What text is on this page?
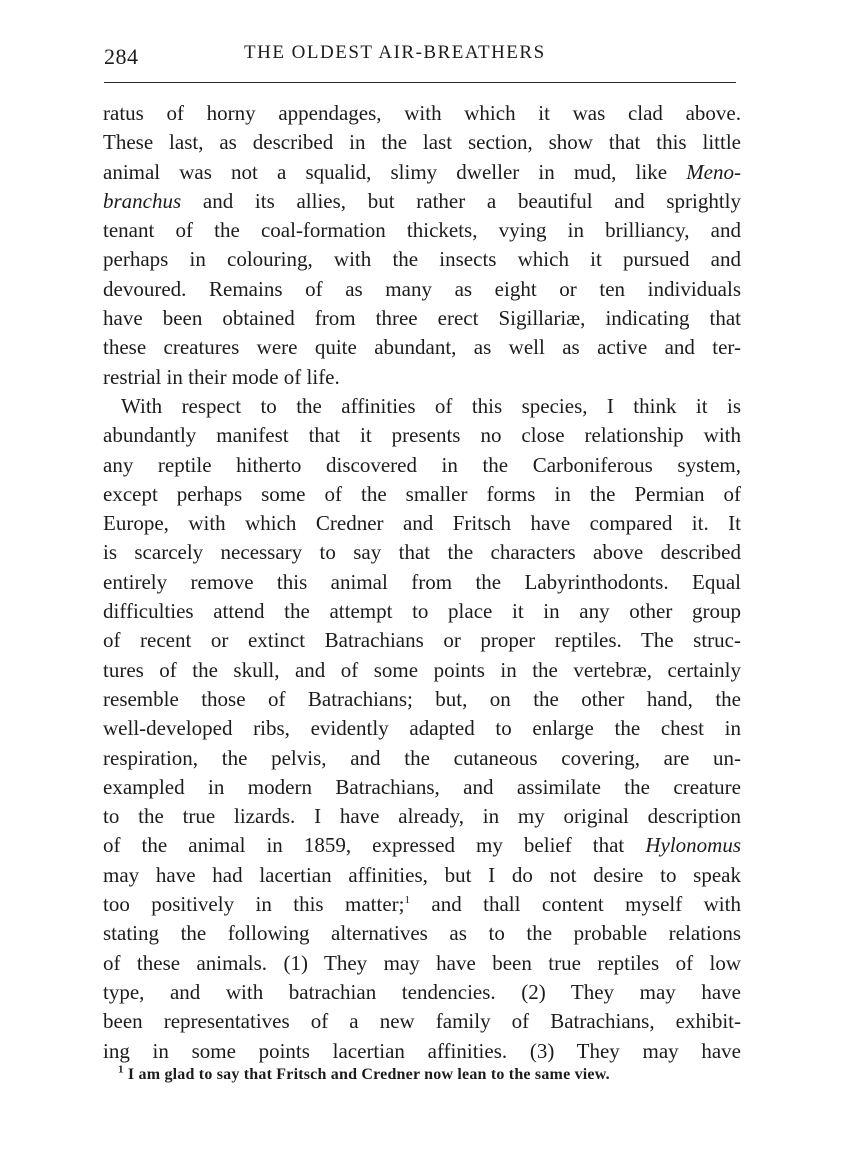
284	THE OLDEST AIR-BREATHERS
ratus of horny appendages, with which it was clad above.
These last, as described in the last section, show that this little
animal was not a squalid, slimy dweller in mud, like Meno-
branchus and its allies, but rather a beautiful and sprightly
tenant of the coal-formation thickets, vying in brilliancy, and
perhaps in colouring, with the insects which it pursued and
devoured. Remains of as many as eight or ten individuals
have been obtained from three erect Sigillariæ, indicating that
these creatures were quite abundant, as well as active and ter-
restrial in their mode of life.
With respect to the affinities of this species, I think it is
abundantly manifest that it presents no close relationship with
any reptile hitherto discovered in the Carboniferous system,
except perhaps some of the smaller forms in the Permian of
Europe, with which Credner and Fritsch have compared it. It
is scarcely necessary to say that the characters above described
entirely remove this animal from the Labyrinthodonts. Equal
difficulties attend the attempt to place it in any other group
of recent or extinct Batrachians or proper reptiles. The struc-
tures of the skull, and of some points in the vertebræ, certainly
resemble those of Batrachians; but, on the other hand, the
well-developed ribs, evidently adapted to enlarge the chest in
respiration, the pelvis, and the cutaneous covering, are un-
exampled in modern Batrachians, and assimilate the creature
to the true lizards. I have already, in my original description
of the animal in 1859, expressed my belief that Hylonomus
may have had lacertian affinities, but I do not desire to speak
too positively in this matter;$^1$ and thall content myself with
stating the following alternatives as to the probable relations
of these animals. (1) They may have been true reptiles of low
type, and with batrachian tendencies. (2) They may have
been representatives of a new family of Batrachians, exhibit-
ing in some points lacertian affinities. (3) They may have
$^1$ I am glad to say that Fritsch and Credner now lean to the same view.
